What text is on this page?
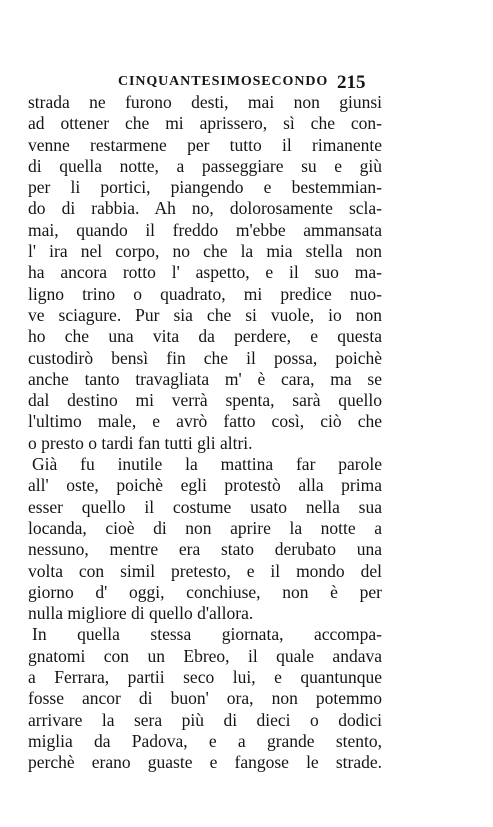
CINQUANTESIMOSECONDO 215
strada ne furono desti, mai non giunsi
ad ottener che mi aprissero, sì che con-
venne restarmene per tutto il rimanente
di quella notte, a passeggiare su e giù
per li portici, piangendo e bestemmian-
do di rabbia. Ah no, dolorosamente scla-
mai, quando il freddo m'ebbe ammansata
l' ira nel corpo, no che la mia stella non
ha ancora rotto l' aspetto, e il suo ma-
ligno trino o quadrato, mi predice nuo-
ve sciagure. Pur sia che si vuole, io non
ho che una vita da perdere, e questa
custodirò bensì fin che il possa, poichè
anche tanto travagliata m' è cara, ma se
dal destino mi verrà spenta, sarà quello
l'ultimo male, e avrò fatto così, ciò che
o presto o tardi fan tutti gli altri.
Già fu inutile la mattina far parole
all' oste, poichè egli protestò alla prima
esser quello il costume usato nella sua
locanda, cioè di non aprire la notte a
nessuno, mentre era stato derubato una
volta con simil pretesto, e il mondo del
giorno d' oggi, conchiuse, non è per
nulla migliore di quello d'allora.
In quella stessa giornata, accompa-
gnatomi con un Ebreo, il quale andava
a Ferrara, partii seco lui, e quantunque
fosse ancor di buon' ora, non potemmo
arrivare la sera più di dieci o dodici
miglia da Padova, e a grande stento,
perchè erano guaste e fangose le strade.
